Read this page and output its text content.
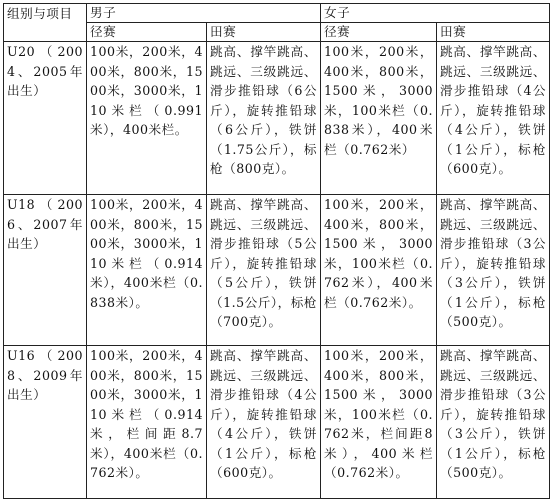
组别与项目	男子		女子	
	径赛	田赛	径赛	田赛
U20（2004、2005年出生）	100米，200米，400米，800米，1500米，3000米，110米栏（0.991米），400米栏。	跳高、撑竿跳高、跳远、三级跳远、滑步推铅球（6公斤），旋转推铅球（6公斤），铁饼（1.75公斤），标枪（800克）。	100米，200米，400米，800米，1500米，3000米，100米栏（0.838米），400米栏（0.762米）	跳高、撑竿跳高、跳远、三级跳远、滑步推铅球（4公斤），旋转推铅球（4公斤），铁饼（1公斤），标枪（600克）。
U18（2006、2007年出生）	100米，200米，400米，800米，1500米，3000米，110米栏（0.914米），400米栏（0.838米）。	跳高、撑竿跳高、跳远、三级跳远、滑步推铅球（5公斤），旋转推铅球（5公斤），铁饼（1.5公斤），标枪（700克）。	100米，200米，400米，800米，1500米，3000米，100米栏（0.762米），400米栏（0.762米）。	跳高、撑竿跳高、跳远、三级跳远、滑步推铅球（3公斤），旋转推铅球（3公斤），铁饼（1公斤），标枪（500克）。
U16（2008、2009年出生）	100米，200米，400米，800米，1500米，3000米，110米栏（0.914米，栏间距8.7米），400米栏（0.762米）。	跳高、撑竿跳高、跳远、三级跳远、滑步推铅球（4公斤），旋转推铅球（4公斤），铁饼（1公斤），标枪（600克）。	100米，200米，400米，800米，1500米，3000米，100米栏（0.762米，栏间距8米），400米栏（0.762米）。	跳高、撑竿跳高、跳远、三级跳远、滑步推铅球（3公斤），旋转推铅球（3公斤），铁饼（1公斤），标枪（500克）。
